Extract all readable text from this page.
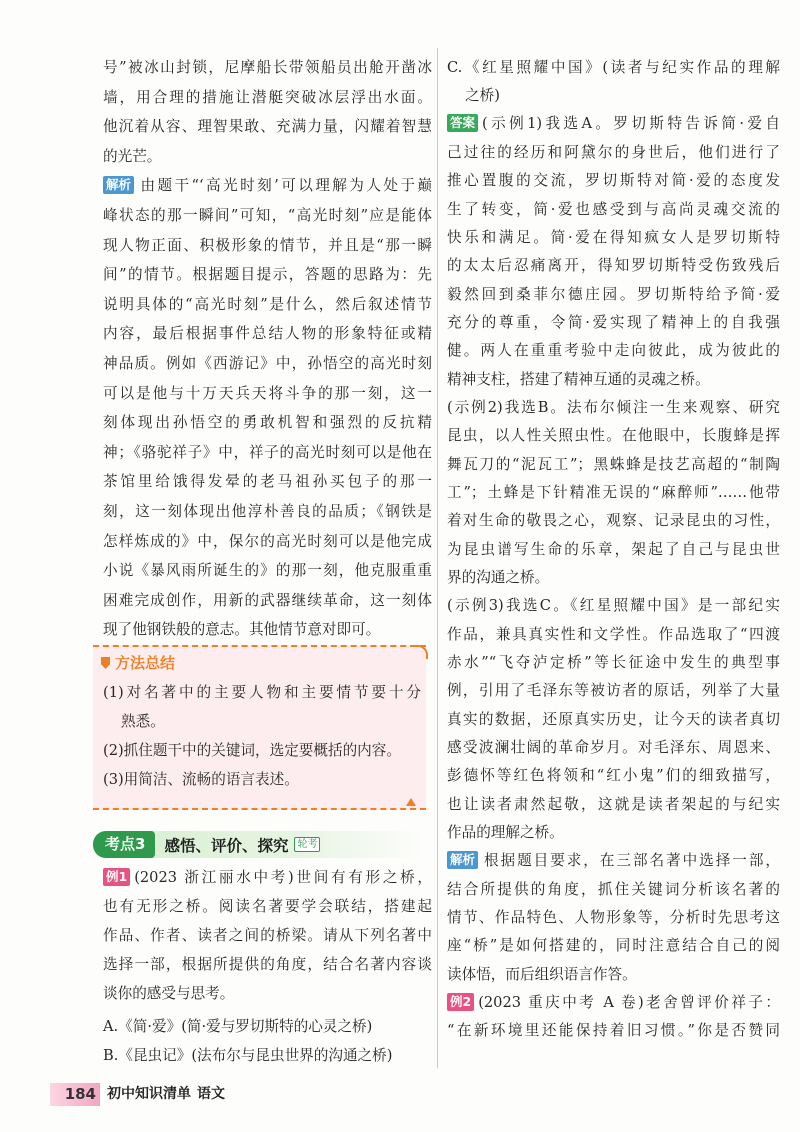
号”被冰山封锁，尼摩船长带领船员出舱开凿冰
墙，用合理的措施让潜艇突破冰层浮出水面。
他沉着从容、理智果敢、充满力量，闪耀着智慧
的光芒。
解析 由题干“‘高光时刻’可以理解为人处于巅
峰状态的那一瞬间”可知，“高光时刻”应是能体
现人物正面、积极形象的情节，并且是“那一瞬
间”的情节。根据题目提示，答题的思路为：先
说明具体的“高光时刻”是什么，然后叙述情节
内容，最后根据事件总结人物的形象特征或精
神品质。例如《西游记》中，孙悟空的高光时刻
可以是他与十万天兵天将斗争的那一刻，这一
刻体现出孙悟空的勇敢机智和强烈的反抗精
神；《骆驼祥子》中，祥子的高光时刻可以是他在
茶馆里给饿得发晕的老马祖孙买包子的那一
刻，这一刻体现出他淳朴善良的品质；《钢铁是
怎样炼成的》中，保尔的高光时刻可以是他完成
小说《暴风雨所诞生的》的那一刻，他克服重重
困难完成创作，用新的武器继续革命，这一刻体
现了他钢铁般的意志。其他情节意对即可。
方法总结
(1)对名著中的主要人物和主要情节要十分
熟悉。
(2)抓住题干中的关键词，选定要概括的内容。
(3)用简洁、流畅的语言表述。
考点3	感悟、评价、探究 轮考
例1 (2023 浙江丽水中考)世间有有形之桥，
也有无形之桥。阅读名著要学会联结，搭建起
作品、作者、读者之间的桥梁。请从下列名著中
选择一部，根据所提供的角度，结合名著内容谈
谈你的感受与思考。
A.《简·爱》(简·爱与罗切斯特的心灵之桥)
B.《昆虫记》(法布尔与昆虫世界的沟通之桥)
C.《红星照耀中国》(读者与纪实作品的理解
之桥)
答案 (示例1)我选A。罗切斯特告诉简·爱自
己过往的经历和阿黛尔的身世后，他们进行了
推心置腹的交流，罗切斯特对简·爱的态度发
生了转变，简·爱也感受到与高尚灵魂交流的
快乐和满足。简·爱在得知疯女人是罗切斯特
的太太后忍痛离开，得知罗切斯特受伤致残后
毅然回到桑菲尔德庄园。罗切斯特给予简·爱
充分的尊重，令简·爱实现了精神上的自我强
健。两人在重重考验中走向彼此，成为彼此的
精神支柱，搭建了精神互通的灵魂之桥。
(示例2)我选B。法布尔倾注一生来观察、研究
昆虫，以人性关照虫性。在他眼中，长腹蜂是挥
舞瓦刀的“泥瓦工”；黑蛛蜂是技艺高超的“制陶
工”；土蜂是下针精准无误的“麻醉师”……他带
着对生命的敬畏之心，观察、记录昆虫的习性，
为昆虫谱写生命的乐章，架起了自己与昆虫世
界的沟通之桥。
(示例3)我选C。《红星照耀中国》是一部纪实
作品，兼具真实性和文学性。作品选取了“四渡
赤水”“飞夺泸定桥”等长征途中发生的典型事
例，引用了毛泽东等被访者的原话，列举了大量
真实的数据，还原真实历史，让今天的读者真切
感受波澜壮阔的革命岁月。对毛泽东、周恩来、
彭德怀等红色将领和“红小鬼”们的细致描写，
也让读者肃然起敬，这就是读者架起的与纪实
作品的理解之桥。
解析 根据题目要求，在三部名著中选择一部，
结合所提供的角度，抓住关键词分析该名著的
情节、作品特色、人物形象等，分析时先思考这
座“桥”是如何搭建的，同时注意结合自己的阅
读体悟，而后组织语言作答。
例2 (2023 重庆中考 A 卷)老舍曾评价祥子：
“在新环境里还能保持着旧习惯。”你是否赞同
184 初中知识清单 语文
